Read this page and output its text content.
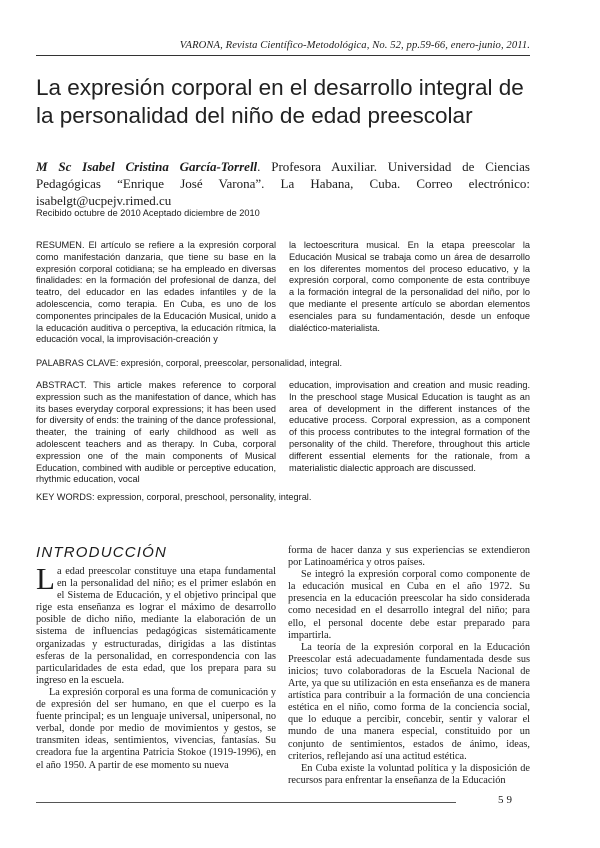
VARONA, Revista Científico-Metodológica, No. 52, pp.59-66, enero-junio, 2011.
La expresión corporal en el desarrollo integral de
la personalidad del niño de edad preescolar
M Sc Isabel Cristina García-Torrell. Profesora Auxiliar. Universidad de Ciencias Pedagógicas “Enrique José Varona”. La Habana, Cuba. Correo electrónico: isabelgt@ucpejv.rimed.cu
Recibido octubre de 2010 Aceptado diciembre de 2010
RESUMEN. El artículo se refiere a la expresión corporal como manifestación danzaria, que tiene su base en la expresión corporal cotidiana; se ha empleado en diversas finalidades: en la formación del profesional de danza, del teatro, del educador en las edades infantiles y de la adolescencia, como terapia. En Cuba, es uno de los componentes principales de la Educación Musical, unido a la educación auditiva o perceptiva, la educación rítmica, la educación vocal, la improvisación-creación y
la lectoescritura musical. En la etapa preescolar la Educación Musical se trabaja como un área de desarrollo en los diferentes momentos del proceso educativo, y la expresión corporal, como componente de esta contribuye a la formación integral de la personalidad del niño, por lo que mediante el presente artículo se abordan elementos esenciales para su fundamentación, desde un enfoque dialéctico-materialista.
PALABRAS CLAVE: expresión, corporal, preescolar, personalidad, integral.
ABSTRACT. This article makes reference to corporal expression such as the manifestation of dance, which has its bases everyday corporal expressions; it has been used for diversity of ends: the training of the dance professional, theater, the training of early childhood as well as adolescent teachers and as therapy. In Cuba, corporal expression one of the main components of Musical Education, combined with audible or perceptive education, rhythmic education, vocal
education, improvisation and creation and music reading. In the preschool stage Musical Education is taught as an area of development in the different instances of the educative process. Corporal expression, as a component of this process contributes to the integral formation of the personality of the child. Therefore, throughout this article different essential elements for the rationale, from a materialistic dialectic approach are discussed.
KEY WORDS: expression, corporal, preschool, personality, integral.
INTRODUCCIÓN

La edad preescolar constituye una etapa fundamental en la personalidad del niño; es el primer eslabón en el Sistema de Educación, y el objetivo principal que rige esta enseñanza es lograr el máximo de desarrollo posible de dicho niño, mediante la elaboración de un sistema de influencias pedagógicas sistemáticamente organizadas y estructuradas, dirigidas a las distintas esferas de la personalidad, en correspondencia con las particularidades de esta edad, que los prepara para su ingreso en la escuela.

La expresión corporal es una forma de comunicación y de expresión del ser humano, en que el cuerpo es la fuente principal; es un lenguaje universal, unipersonal, no verbal, donde por medio de movimientos y gestos, se transmiten ideas, sentimientos, vivencias, fantasías. Su creadora fue la argentina Patricia Stokoe (1919-1996), en el año 1950. A partir de ese momento su nueva

forma de hacer danza y sus experiencias se extendieron por Latinoamérica y otros países.

Se integró la expresión corporal como componente de la educación musical en Cuba en el año 1972. Su presencia en la educación preescolar ha sido considerada como necesidad en el desarrollo integral del niño; para ello, el personal docente debe estar preparado para impartirla.

La teoría de la expresión corporal en la Educación Preescolar está adecuadamente fundamentada desde sus inicios; tuvo colaboradoras de la Escuela Nacional de Arte, ya que su utilización en esta enseñanza es de manera artística para contribuir a la formación de una conciencia estética en el niño, como forma de la conciencia social, que lo eduque a percibir, concebir, sentir y valorar el mundo de una manera especial, constituido por un conjunto de sentimientos, estados de ánimo, ideas, criterios, reflejando así una actitud estética.

En Cuba existe la voluntad política y la disposición de recursos para enfrentar la enseñanza de la Educación

59
